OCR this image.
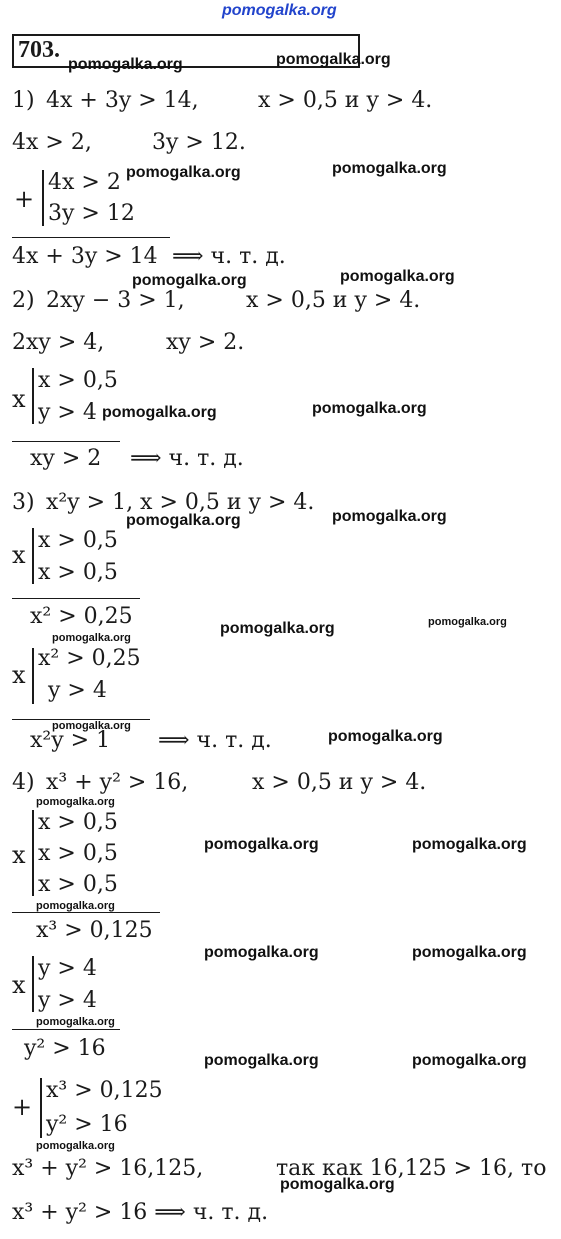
pomogalka.org
703.
pomogalka.org	pomogalka.org
1) 4x + 3y > 14,	x > 0,5 и y > 4.
4x > 2,	3y > 12.
pomogalka.org	pomogalka.org
+
4x > 2
3y > 12
4x + 3y > 14 ⟹ ч. т. д.
pomogalka.org	pomogalka.org
2) 2xy − 3 > 1,	x > 0,5 и y > 4.
2xy > 4,	xy > 2.
x
x > 0,5
y > 4 pomogalka.org	pomogalka.org
xy > 2 ⟹ ч. т. д.
3) x²y > 1, x > 0,5 и y > 4.
pomogalka.org	pomogalka.org
x
x > 0,5
x > 0,5
x² > 0,25
pomogalka.org
pomogalka.org	pomogalka.org
x
x² > 0,25
y > 4
pomogalka.org
x²y > 1 ⟹ ч. т. д.	pomogalka.org
4) x³ + y² > 16,	x > 0,5 и y > 4.
pomogalka.org
x
x > 0,5
x > 0,5
x > 0,5
pomogalka.org	pomogalka.org
pomogalka.org
x³ > 0,125
pomogalka.org	pomogalka.org
x
y > 4
y > 4
pomogalka.org
y² > 16	pomogalka.org	pomogalka.org
+
x³ > 0,125
y² > 16
pomogalka.org
x³ + y² > 16,125,	так как 16,125 > 16, то
pomogalka.org
x³ + y² > 16 ⟹ ч. т. д.
